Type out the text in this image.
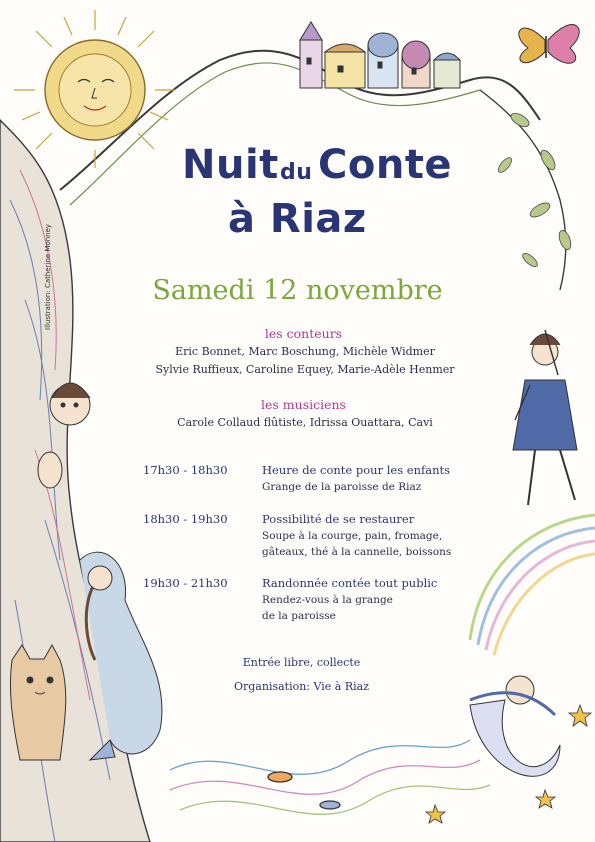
Illustration: Catherine Monney
Nuit du Conte
à Riaz
Samedi 12 novembre
les conteurs
Eric Bonnet, Marc Boschung, Michèle Widmer
Sylvie Ruffieux, Caroline Equey, Marie-Adèle Henmer
les musiciens
Carole Collaud flûtiste, Idrissa Ouattara, Cavi
17h30 - 18h30	Heure de conte pour les enfants
Grange de la paroisse de Riaz
18h30 - 19h30	Possibilité de se restaurer
Soupe à la courge, pain, fromage,
gâteaux, thé à la cannelle, boissons
19h30 - 21h30	Randonnée contée tout public
Rendez-vous à la grange
de la paroisse
Entrée libre, collecte
Organisation: Vie à Riaz
